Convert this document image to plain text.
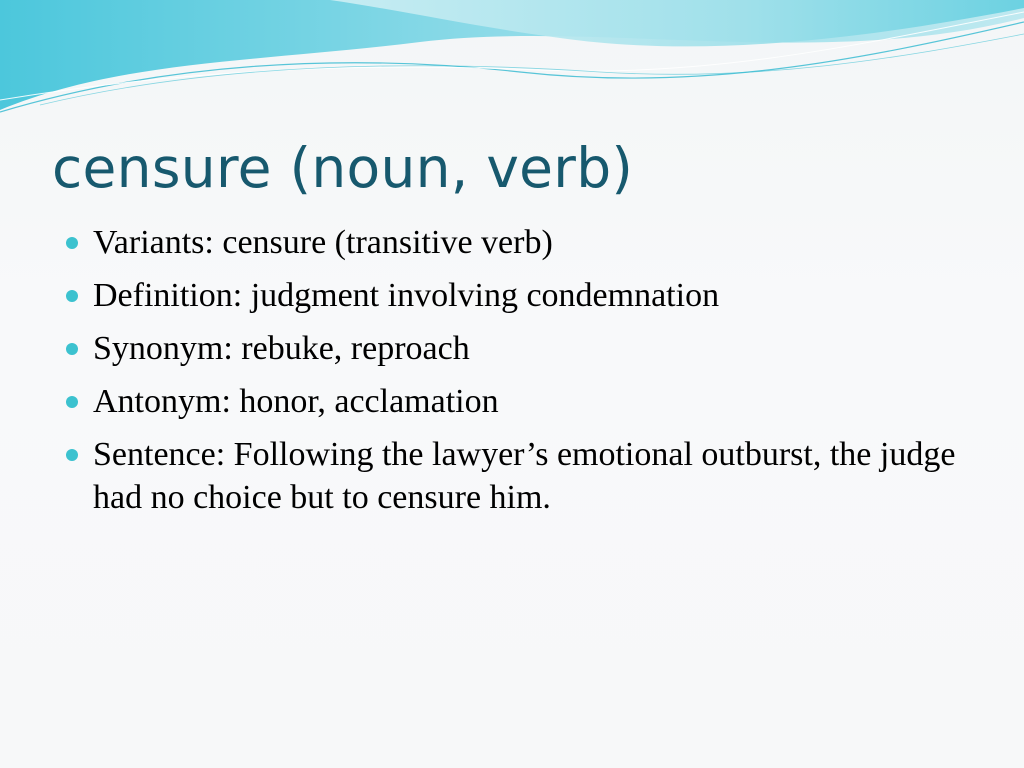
censure (noun, verb)
Variants: censure (transitive verb)
Definition: judgment involving condemnation
Synonym: rebuke, reproach
Antonym: honor, acclamation
Sentence: Following the lawyer’s emotional outburst, the judge had no choice but to censure him.
